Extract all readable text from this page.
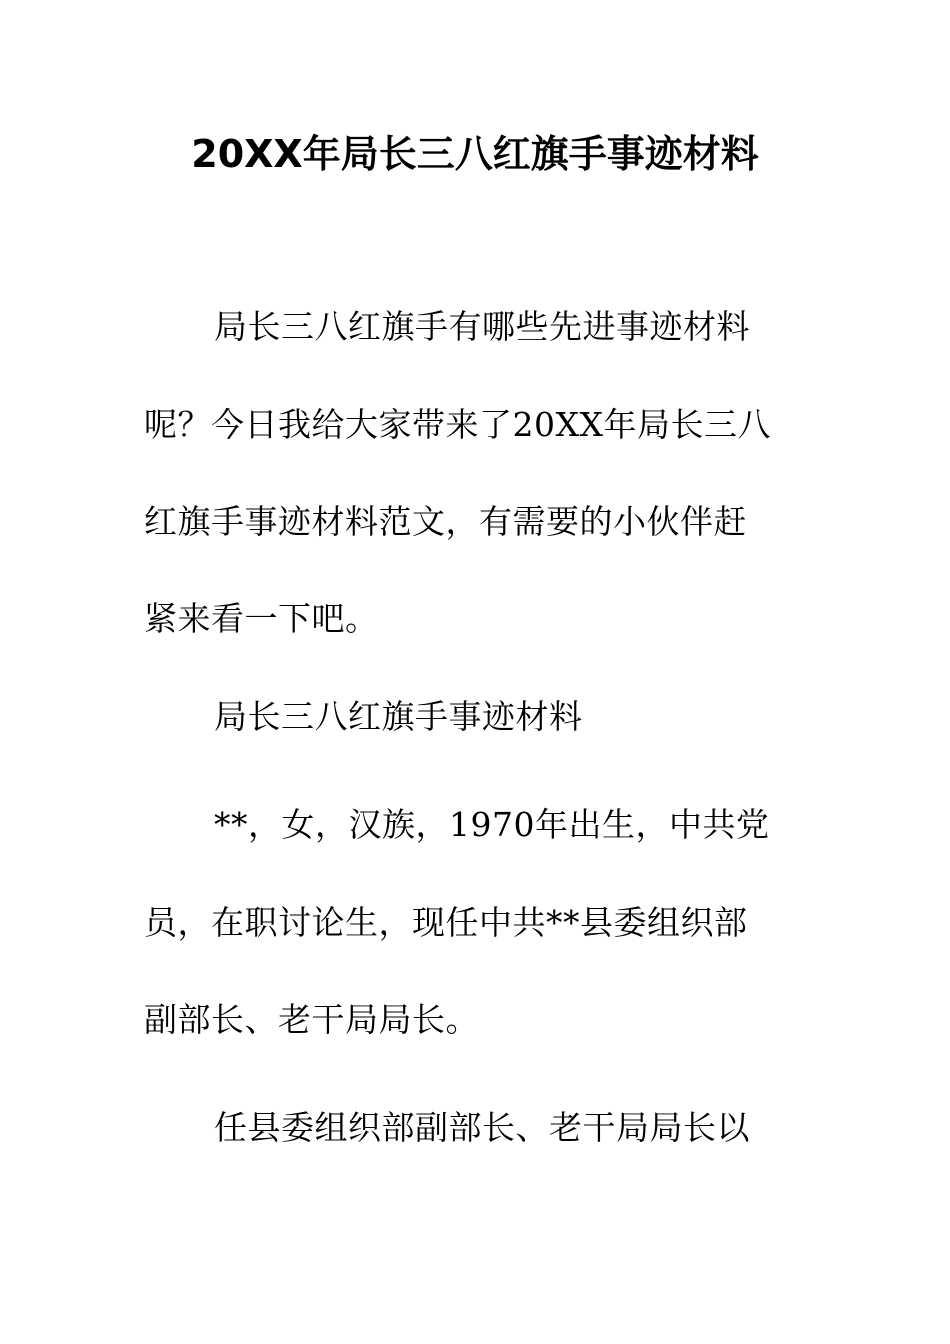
20XX年局长三八红旗手事迹材料
局长三八红旗手有哪些先进事迹材料
呢？今日我给大家带来了20XX年局长三八
红旗手事迹材料范文，有需要的小伙伴赶
紧来看一下吧。
局长三八红旗手事迹材料
**，女，汉族，1970年出生，中共党
员，在职讨论生，现任中共**县委组织部
副部长、老干局局长。
任县委组织部副部长、老干局局长以
